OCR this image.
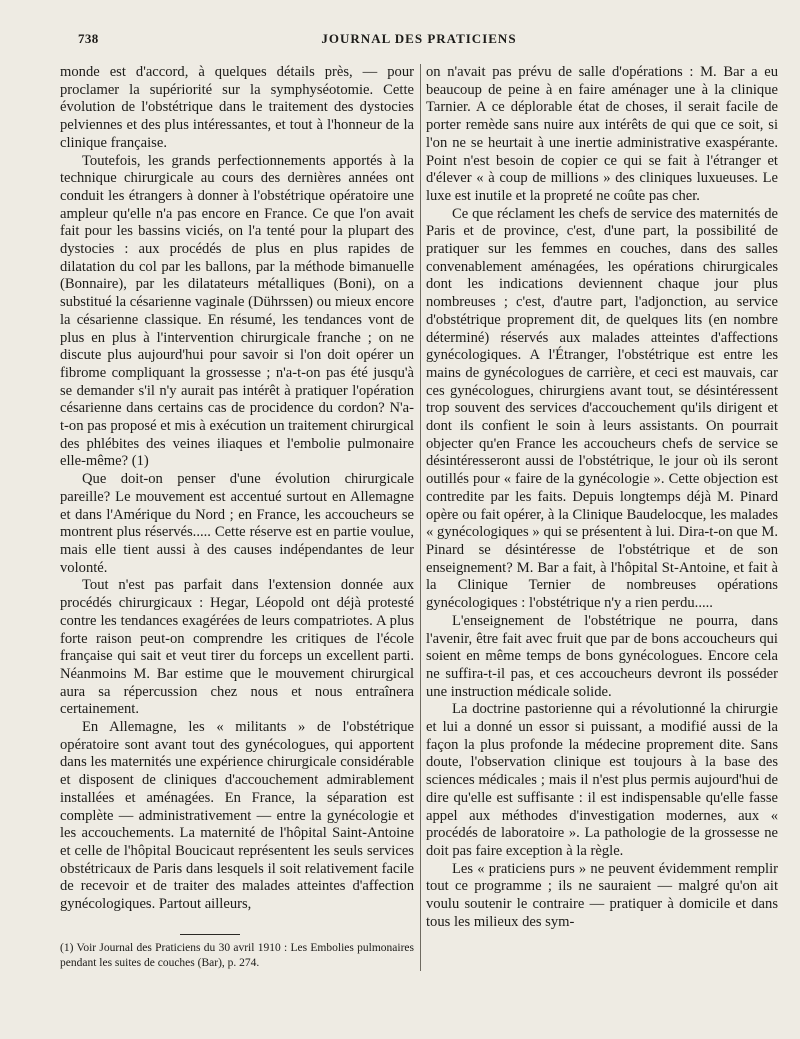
738	JOURNAL DES PRATICIENS

monde est d'accord, à quelques détails près, — pour proclamer la supériorité sur la symphyséotomie. Cette évolution de l'obstétrique dans le traitement des dystocies pelviennes et des plus intéressantes, et tout à l'honneur de la clinique française.

Toutefois, les grands perfectionnements apportés à la technique chirurgicale au cours des dernières années ont conduit les étrangers à donner à l'obstétrique opératoire une ampleur qu'elle n'a pas encore en France. Ce que l'on avait fait pour les bassins viciés, on l'a tenté pour la plupart des dystocies : aux procédés de plus en plus rapides de dilatation du col par les ballons, par la méthode bimanuelle (Bonnaire), par les dilatateurs métalliques (Boni), on a substitué la césarienne vaginale (Dührssen) ou mieux encore la césarienne classique. En résumé, les tendances vont de plus en plus à l'intervention chirurgicale franche ; on ne discute plus aujourd'hui pour savoir si l'on doit opérer un fibrome compliquant la grossesse ; n'a-t-on pas été jusqu'à se demander s'il n'y aurait pas intérêt à pratiquer l'opération césarienne dans certains cas de procidence du cordon? N'a-t-on pas proposé et mis à exécution un traitement chirurgical des phlébites des veines iliaques et l'embolie pulmonaire elle-même? (1)

Que doit-on penser d'une évolution chirurgicale pareille? Le mouvement est accentué surtout en Allemagne et dans l'Amérique du Nord ; en France, les accoucheurs se montrent plus réservés..... Cette réserve est en partie voulue, mais elle tient aussi à des causes indépendantes de leur volonté.

Tout n'est pas parfait dans l'extension donnée aux procédés chirurgicaux : Hegar, Léopold ont déjà protesté contre les tendances exagérées de leurs compatriotes. A plus forte raison peut-on comprendre les critiques de l'école française qui sait et veut tirer du forceps un excellent parti. Néanmoins M. Bar estime que le mouvement chirurgical aura sa répercussion chez nous et nous entraînera certainement.

En Allemagne, les « militants » de l'obstétrique opératoire sont avant tout des gynécologues, qui apportent dans les maternités une expérience chirurgicale considérable et disposent de cliniques d'accouchement admirablement installées et aménagées. En France, la séparation est complète — administrativement — entre la gynécologie et les accouchements. La maternité de l'hôpital Saint-Antoine et celle de l'hôpital Boucicaut représentent les seuls services obstétricaux de Paris dans lesquels il soit relativement facile de recevoir et de traiter des malades atteintes d'affection gynécologiques. Partout ailleurs,

(1) Voir Journal des Praticiens du 30 avril 1910 : Les Embolies pulmonaires pendant les suites de couches (Bar), p. 274.

on n'avait pas prévu de salle d'opérations : M. Bar a eu beaucoup de peine à en faire aménager une à la clinique Tarnier. A ce déplorable état de choses, il serait facile de porter remède sans nuire aux intérêts de qui que ce soit, si l'on ne se heurtait à une inertie administrative exaspérante. Point n'est besoin de copier ce qui se fait à l'étranger et d'élever « à coup de millions » des cliniques luxueuses. Le luxe est inutile et la propreté ne coûte pas cher.

Ce que réclament les chefs de service des maternités de Paris et de province, c'est, d'une part, la possibilité de pratiquer sur les femmes en couches, dans des salles convenablement aménagées, les opérations chirurgicales dont les indications deviennent chaque jour plus nombreuses ; c'est, d'autre part, l'adjonction, au service d'obstétrique proprement dit, de quelques lits (en nombre déterminé) réservés aux malades atteintes d'affections gynécologiques. A l'Étranger, l'obstétrique est entre les mains de gynécologues de carrière, et ceci est mauvais, car ces gynécologues, chirurgiens avant tout, se désintéressent trop souvent des services d'accouchement qu'ils dirigent et dont ils confient le soin à leurs assistants. On pourrait objecter qu'en France les accoucheurs chefs de service se désintéresseront aussi de l'obstétrique, le jour où ils seront outillés pour « faire de la gynécologie ». Cette objection est contredite par les faits. Depuis longtemps déjà M. Pinard opère ou fait opérer, à la Clinique Baudelocque, les malades « gynécologiques » qui se présentent à lui. Dira-t-on que M. Pinard se désintéresse de l'obstétrique et de son enseignement? M. Bar a fait, à l'hôpital St-Antoine, et fait à la Clinique Ternier de nombreuses opérations gynécologiques : l'obstétrique n'y a rien perdu.....

L'enseignement de l'obstétrique ne pourra, dans l'avenir, être fait avec fruit que par de bons accoucheurs qui soient en même temps de bons gynécologues. Encore cela ne suffira-t-il pas, et ces accoucheurs devront ils posséder une instruction médicale solide.

La doctrine pastorienne qui a révolutionné la chirurgie et lui a donné un essor si puissant, a modifié aussi de la façon la plus profonde la médecine proprement dite. Sans doute, l'observation clinique est toujours à la base des sciences médicales ; mais il n'est plus permis aujourd'hui de dire qu'elle est suffisante : il est indispensable qu'elle fasse appel aux méthodes d'investigation modernes, aux « procédés de laboratoire ». La pathologie de la grossesse ne doit pas faire exception à la règle.

Les « praticiens purs » ne peuvent évidemment remplir tout ce programme ; ils ne sauraient — malgré qu'on ait voulu soutenir le contraire — pratiquer à domicile et dans tous les milieux des sym-
